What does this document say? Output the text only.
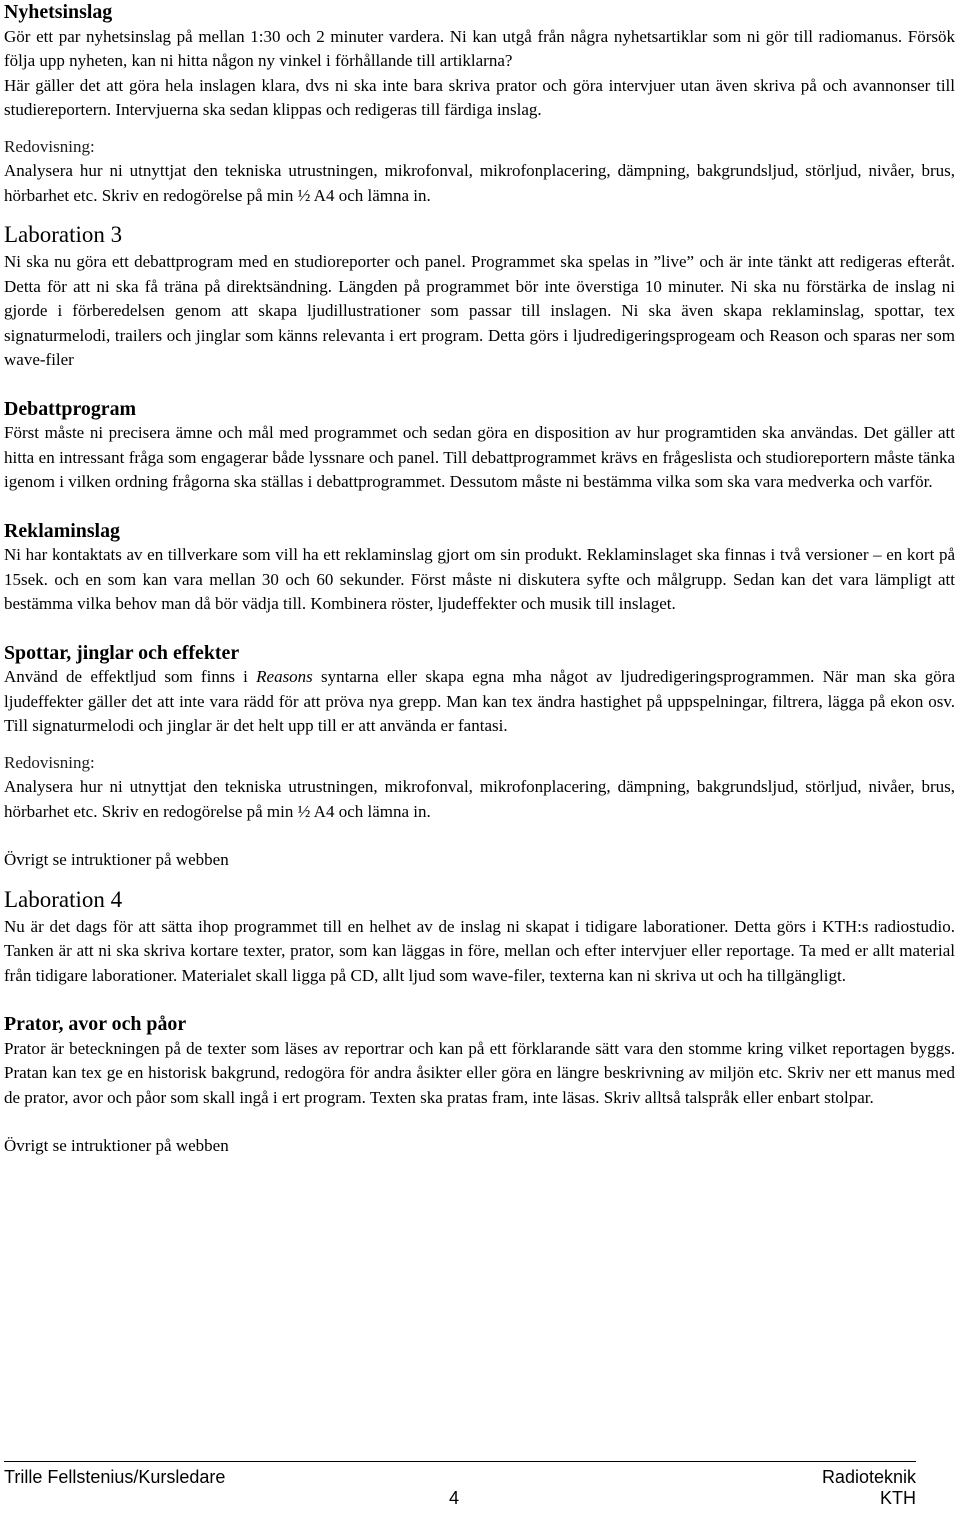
Nyhetsinslag

Gör ett par nyhetsinslag på mellan 1:30 och 2 minuter vardera. Ni kan utgå från några nyhetsartiklar som ni gör till radiomanus. Försök följa upp nyheten, kan ni hitta någon ny vinkel i förhållande till artiklarna?

Här gäller det att göra hela inslagen klara, dvs ni ska inte bara skriva prator och göra intervjuer utan även skriva på och avannonser till studiereportern. Intervjuerna ska sedan klippas och redigeras till färdiga inslag.

Redovisning:

Analysera hur ni utnyttjat den tekniska utrustningen, mikrofonval, mikrofonplacering, dämpning, bakgrundsljud, störljud, nivåer, brus, hörbarhet etc. Skriv en redogörelse på min ½ A4 och lämna in.

Laboration 3

Ni ska nu göra ett debattprogram med en studioreporter och panel. Programmet ska spelas in ”live” och är inte tänkt att redigeras efteråt. Detta för att ni ska få träna på direktsändning. Längden på programmet bör inte överstiga 10 minuter. Ni ska nu förstärka de inslag ni gjorde i förberedelsen genom att skapa ljudillustrationer som passar till inslagen. Ni ska även skapa reklaminslag, spottar, tex signaturmelodi, trailers och jinglar som känns relevanta i ert program. Detta görs i ljudredigeringsprogeam och Reason och sparas ner som wave-filer

Debattprogram

Först måste ni precisera ämne och mål med programmet och sedan göra en disposition av hur programtiden ska användas. Det gäller att hitta en intressant fråga som engagerar både lyssnare och panel. Till debattprogrammet krävs en frågeslista och studioreportern måste tänka igenom i vilken ordning frågorna ska ställas i debattprogrammet. Dessutom måste ni bestämma vilka som ska vara medverka och varför.

Reklaminslag

Ni har kontaktats av en tillverkare som vill ha ett reklaminslag gjort om sin produkt. Reklaminslaget ska finnas i två versioner – en kort på 15sek. och en som kan vara mellan 30 och 60 sekunder. Först måste ni diskutera syfte och målgrupp. Sedan kan det vara lämpligt att bestämma vilka behov man då bör vädja till. Kombinera röster, ljudeffekter och musik till inslaget.

Spottar, jinglar och effekter

Använd de effektljud som finns i Reasons syntarna eller skapa egna mha något av ljudredigeringsprogrammen. När man ska göra ljudeffekter gäller det att inte vara rädd för att pröva nya grepp. Man kan tex ändra hastighet på uppspelningar, filtrera, lägga på ekon osv. Till signaturmelodi och jinglar är det helt upp till er att använda er fantasi.

Redovisning:

Analysera hur ni utnyttjat den tekniska utrustningen, mikrofonval, mikrofonplacering, dämpning, bakgrundsljud, störljud, nivåer, brus, hörbarhet etc. Skriv en redogörelse på min ½ A4 och lämna in.

Övrigt se intruktioner på webben

Laboration 4

Nu är det dags för att sätta ihop programmet till en helhet av de inslag ni skapat i tidigare laborationer. Detta görs i KTH:s radiostudio. Tanken är att ni ska skriva kortare texter, prator, som kan läggas in före, mellan och efter intervjuer eller reportage. Ta med er allt material från tidigare laborationer. Materialet skall ligga på CD, allt ljud som wave-filer, texterna kan ni skriva ut och ha tillgängligt.

Prator, avor och påor

Prator är beteckningen på de texter som läses av reportrar och kan på ett förklarande sätt vara den stomme kring vilket reportagen byggs. Pratan kan tex ge en historisk bakgrund, redogöra för andra åsikter eller göra en längre beskrivning av miljön etc. Skriv ner ett manus med de prator, avor och påor som skall ingå i ert program. Texten ska pratas fram, inte läsas. Skriv alltså talspråk eller enbart stolpar.

Övrigt se intruktioner på webben

Trille Fellstenius/Kursledare	Radioteknik
4	KTH
